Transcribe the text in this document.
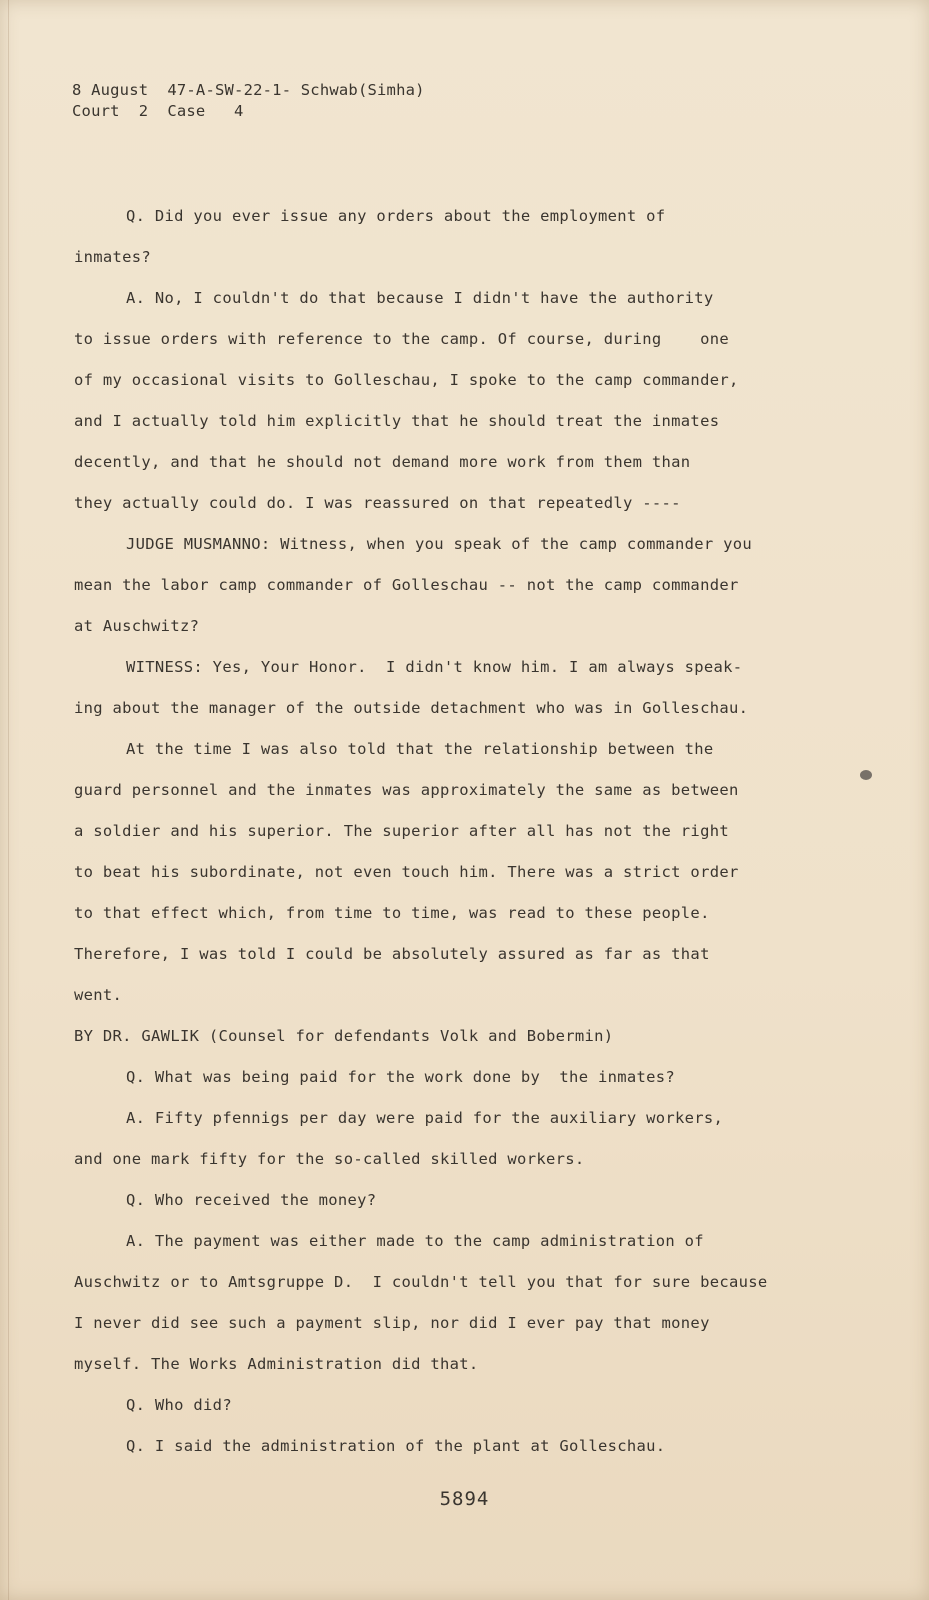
8 August  47-A-SW-22-1- Schwab(Simha)
Court  2  Case   4
Q. Did you ever issue any orders about the employment of
inmates?
A. No, I couldn't do that because I didn't have the authority
to issue orders with reference to the camp. Of course, during    one
of my occasional visits to Golleschau, I spoke to the camp commander,
and I actually told him explicitly that he should treat the inmates
decently, and that he should not demand more work from them than
they actually could do. I was reassured on that repeatedly ----
JUDGE MUSMANNO: Witness, when you speak of the camp commander you
mean the labor camp commander of Golleschau -- not the camp commander
at Auschwitz?
WITNESS: Yes, Your Honor.  I didn't know him. I am always speak-
ing about the manager of the outside detachment who was in Golleschau.
At the time I was also told that the relationship between the
guard personnel and the inmates was approximately the same as between
a soldier and his superior. The superior after all has not the right
to beat his subordinate, not even touch him. There was a strict order
to that effect which, from time to time, was read to these people.
Therefore, I was told I could be absolutely assured as far as that
went.
BY DR. GAWLIK (Counsel for defendants Volk and Bobermin)
Q. What was being paid for the work done by  the inmates?
A. Fifty pfennigs per day were paid for the auxiliary workers,
and one mark fifty for the so-called skilled workers.
Q. Who received the money?
A. The payment was either made to the camp administration of
Auschwitz or to Amtsgruppe D.  I couldn't tell you that for sure because
I never did see such a payment slip, nor did I ever pay that money
myself. The Works Administration did that.
Q. Who did?
Q. I said the administration of the plant at Golleschau.
5894
